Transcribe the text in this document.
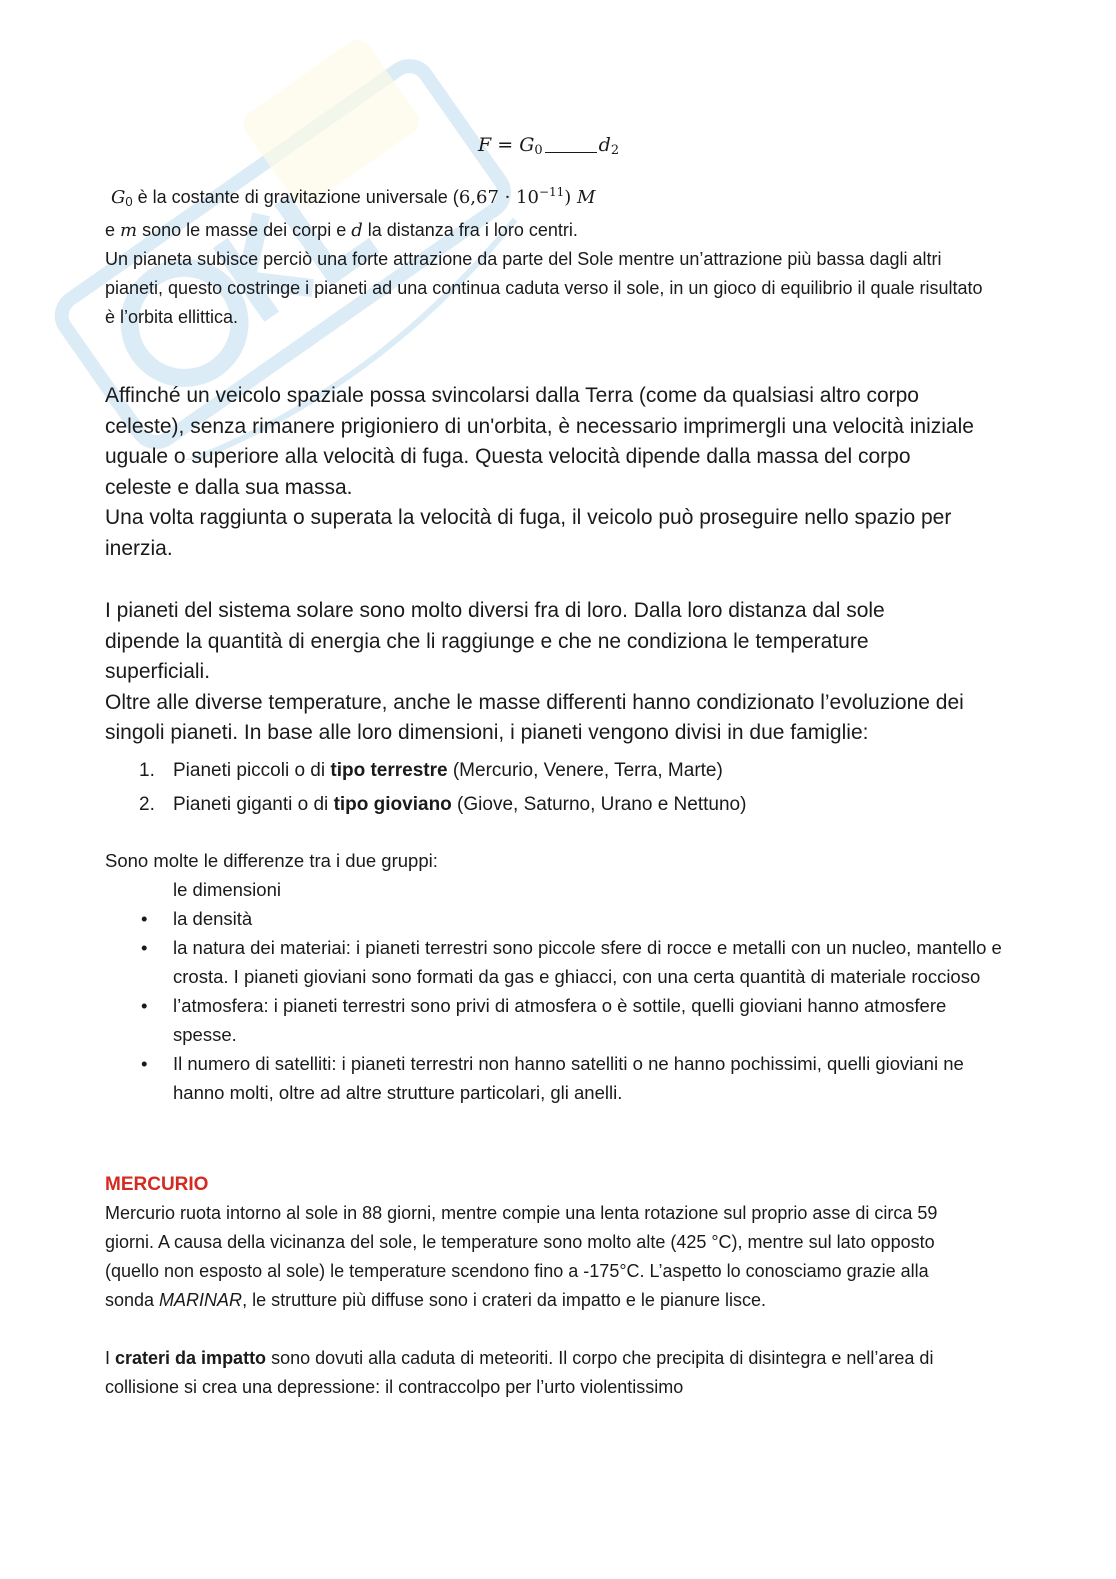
$F = G_0$	$d_2$

$G_0$ è la costante di gravitazione universale $(6,67 \cdot 10^{-11})$ M

e m sono le masse dei corpi e d la distanza fra i loro centri.

Un pianeta subisce perciò una forte attrazione da parte del Sole mentre un’attrazione più bassa dagli altri pianeti, questo costringe i pianeti ad una continua caduta verso il sole, in un gioco di equilibrio il quale risultato è l’orbita ellittica.

Affinché un veicolo spaziale possa svincolarsi dalla Terra (come da qualsiasi altro corpo celeste), senza rimanere prigioniero di un'orbita, è necessario imprimergli una velocità iniziale uguale o superiore alla velocità di fuga. Questa velocità dipende dalla massa del corpo celeste e dalla sua massa.

Una volta raggiunta o superata la velocità di fuga, il veicolo può proseguire nello spazio per inerzia.

I pianeti del sistema solare sono molto diversi fra di loro. Dalla loro distanza dal sole dipende la quantità di energia che li raggiunge e che ne condiziona le temperature superficiali.

Oltre alle diverse temperature, anche le masse differenti hanno condizionato l’evoluzione dei singoli pianeti. In base alle loro dimensioni, i pianeti vengono divisi in due famiglie:

1. Pianeti piccoli o di tipo terrestre (Mercurio, Venere, Terra, Marte)
2. Pianeti giganti o di tipo gioviano (Giove, Saturno, Urano e Nettuno)

Sono molte le differenze tra i due gruppi:

le dimensioni
• la densità
• la natura dei materiai: i pianeti terrestri sono piccole sfere di rocce e metalli con un nucleo, mantello e crosta. I pianeti gioviani sono formati da gas e ghiacci, con una certa quantità di materiale roccioso
• l’atmosfera: i pianeti terrestri sono privi di atmosfera o è sottile, quelli gioviani hanno atmosfere spesse.
• Il numero di satelliti: i pianeti terrestri non hanno satelliti o ne hanno pochissimi, quelli gioviani ne hanno molti, oltre ad altre strutture particolari, gli anelli.

MERCURIO

Mercurio ruota intorno al sole in 88 giorni, mentre compie una lenta rotazione sul proprio asse di circa 59 giorni. A causa della vicinanza del sole, le temperature sono molto alte (425 °C), mentre sul lato opposto (quello non esposto al sole) le temperature scendono fino a -175°C. L’aspetto lo conosciamo grazie alla sonda MARINAR, le strutture più diffuse sono i crateri da impatto e le pianure lisce.

I crateri da impatto sono dovuti alla caduta di meteoriti. Il corpo che precipita di disintegra e nell’area di collisione si crea una depressione: il contraccolpo per l’urto violentissimo
